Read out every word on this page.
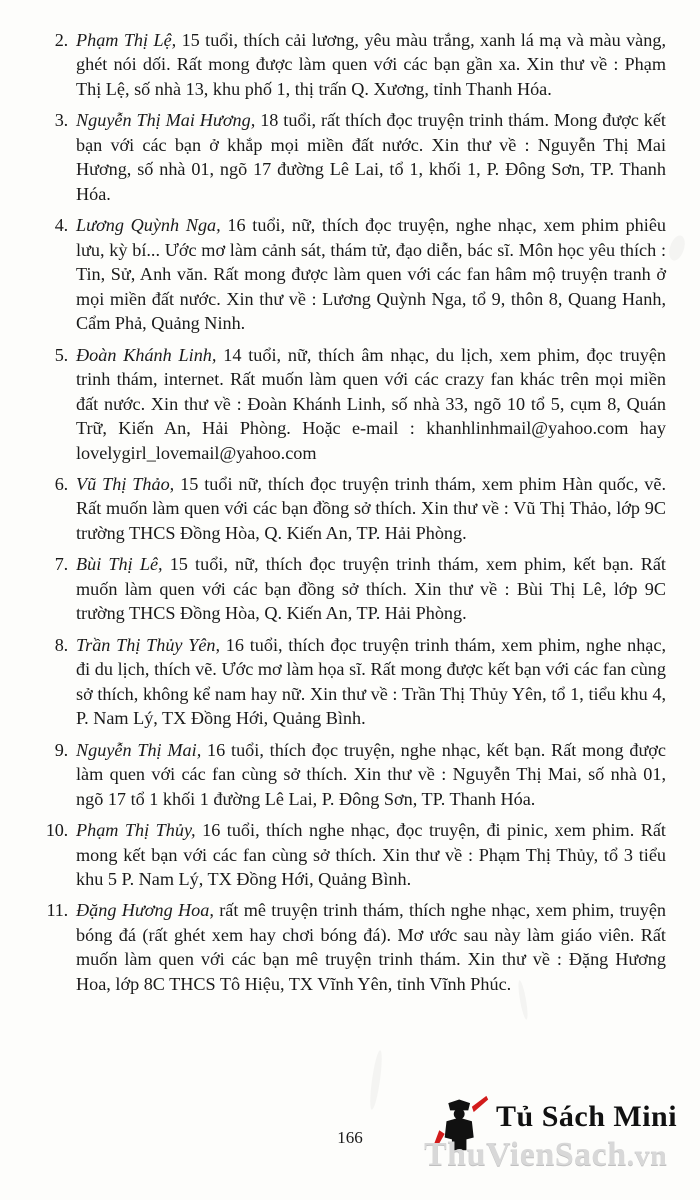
2. Phạm Thị Lệ, 15 tuổi, thích cải lương, yêu màu trắng, xanh lá mạ và màu vàng, ghét nói dối. Rất mong được làm quen với các bạn gần xa. Xin thư về : Phạm Thị Lệ, số nhà 13, khu phố 1, thị trấn Q. Xương, tỉnh Thanh Hóa.
3. Nguyễn Thị Mai Hương, 18 tuổi, rất thích đọc truyện trinh thám. Mong được kết bạn với các bạn ở khắp mọi miền đất nước. Xin thư về : Nguyễn Thị Mai Hương, số nhà 01, ngõ 17 đường Lê Lai, tổ 1, khối 1, P. Đông Sơn, TP. Thanh Hóa.
4. Lương Quỳnh Nga, 16 tuổi, nữ, thích đọc truyện, nghe nhạc, xem phim phiêu lưu, kỳ bí... Ước mơ làm cảnh sát, thám tử, đạo diễn, bác sĩ. Môn học yêu thích : Tin, Sử, Anh văn. Rất mong được làm quen với các fan hâm mộ truyện tranh ở mọi miền đất nước. Xin thư về : Lương Quỳnh Nga, tổ 9, thôn 8, Quang Hanh, Cẩm Phả, Quảng Ninh.
5. Đoàn Khánh Linh, 14 tuổi, nữ, thích âm nhạc, du lịch, xem phim, đọc truyện trinh thám, internet. Rất muốn làm quen với các crazy fan khác trên mọi miền đất nước. Xin thư về : Đoàn Khánh Linh, số nhà 33, ngõ 10 tổ 5, cụm 8, Quán Trữ, Kiến An, Hải Phòng. Hoặc e-mail : khanhlinhmail@yahoo.com hay lovelygirl_lovemail@yahoo.com
6. Vũ Thị Thảo, 15 tuổi nữ, thích đọc truyện trinh thám, xem phim Hàn quốc, vẽ. Rất muốn làm quen với các bạn đồng sở thích. Xin thư về : Vũ Thị Thảo, lớp 9C trường THCS Đồng Hòa, Q. Kiến An, TP. Hải Phòng.
7. Bùi Thị Lê, 15 tuổi, nữ, thích đọc truyện trinh thám, xem phim, kết bạn. Rất muốn làm quen với các bạn đồng sở thích. Xin thư về : Bùi Thị Lê, lớp 9C trường THCS Đồng Hòa, Q. Kiến An, TP. Hải Phòng.
8. Trần Thị Thủy Yên, 16 tuổi, thích đọc truyện trinh thám, xem phim, nghe nhạc, đi du lịch, thích vẽ. Ước mơ làm họa sĩ. Rất mong được kết bạn với các fan cùng sở thích, không kể nam hay nữ. Xin thư về : Trần Thị Thủy Yên, tổ 1, tiểu khu 4, P. Nam Lý, TX Đồng Hới, Quảng Bình.
9. Nguyễn Thị Mai, 16 tuổi, thích đọc truyện, nghe nhạc, kết bạn. Rất mong được làm quen với các fan cùng sở thích. Xin thư về : Nguyễn Thị Mai, số nhà 01, ngõ 17 tổ 1 khối 1 đường Lê Lai, P. Đông Sơn, TP. Thanh Hóa.
10. Phạm Thị Thủy, 16 tuổi, thích nghe nhạc, đọc truyện, đi pinic, xem phim. Rất mong kết bạn với các fan cùng sở thích. Xin thư về : Phạm Thị Thủy, tổ 3 tiểu khu 5 P. Nam Lý, TX Đồng Hới, Quảng Bình.
11. Đặng Hương Hoa, rất mê truyện trinh thám, thích nghe nhạc, xem phim, truyện bóng đá (rất ghét xem hay chơi bóng đá). Mơ ước sau này làm giáo viên. Rất muốn làm quen với các bạn mê truyện trinh thám. Xin thư về : Đặng Hương Hoa, lớp 8C THCS Tô Hiệu, TX Vĩnh Yên, tỉnh Vĩnh Phúc.
166
Tủ Sách Mini
ThuVienSach.vn
